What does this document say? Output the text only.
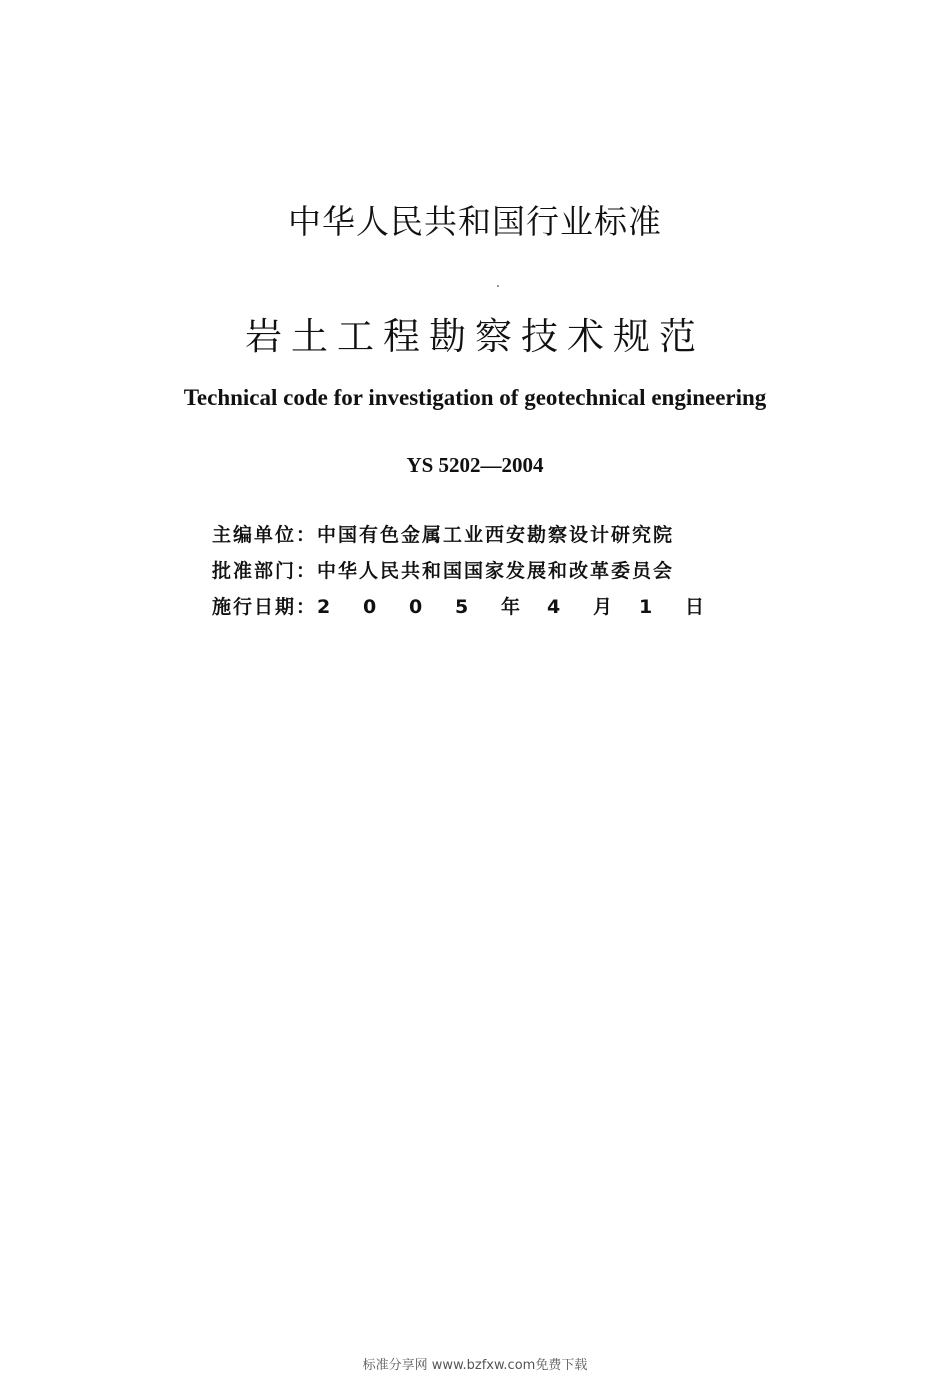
中华人民共和国行业标准
岩土工程勘察技术规范
Technical code for investigation of geotechnical engineering
YS 5202—2004
主编单位：中国有色金属工业西安勘察设计研究院
批准部门：中华人民共和国国家发展和改革委员会
施行日期：2 0 0 5 年 4 月 1 日
标准分享网 www.bzfxw.com免费下载
